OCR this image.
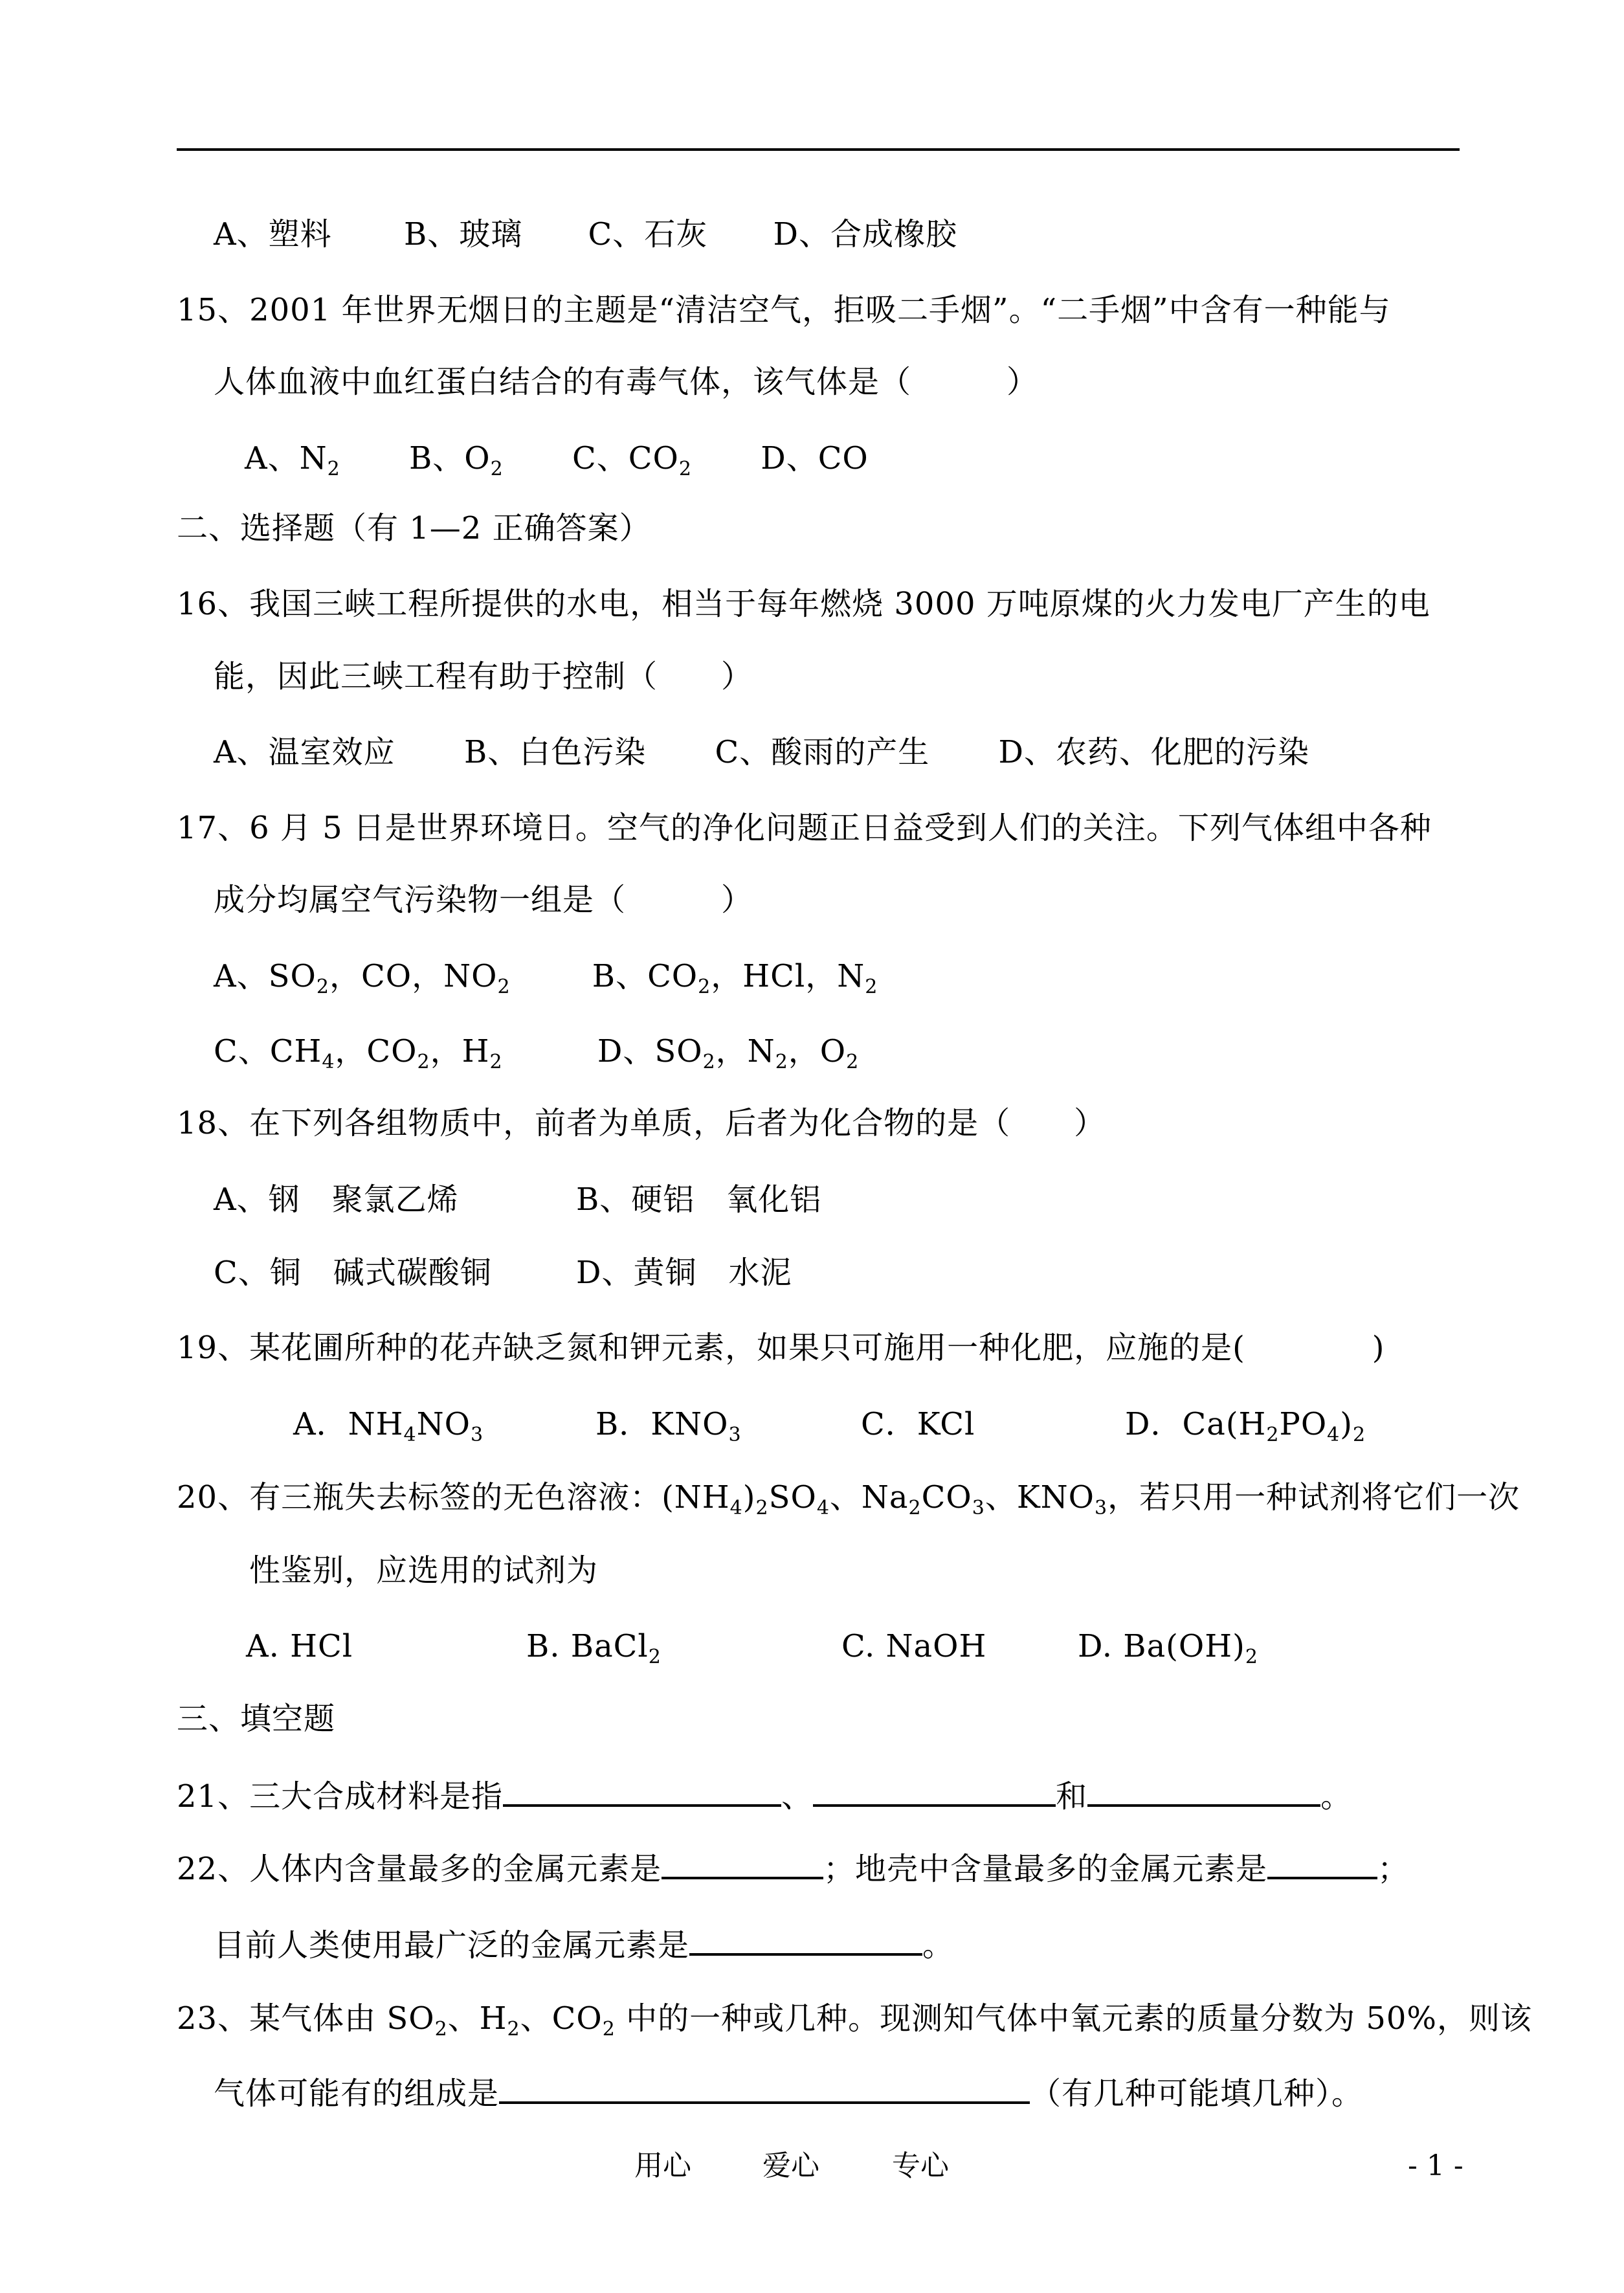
A、塑料 B、玻璃 C、石灰 D、合成橡胶
15、2001 年世界无烟日的主题是“清洁空气，拒吸二手烟”。“二手烟”中含有一种能与
人体血液中血红蛋白结合的有毒气体，该气体是（　　　）
A、$N_2$ B、$O_2$ C、$CO_2$ D、CO
二、选择题（有 1—2 正确答案）
16、我国三峡工程所提供的水电，相当于每年燃烧 3000 万吨原煤的火力发电厂产生的电
能，因此三峡工程有助于控制（　　）
A、温室效应 B、白色污染 C、酸雨的产生 D、农药、化肥的污染
17、6 月 5 日是世界环境日。空气的净化问题正日益受到人们的关注。下列气体组中各种
成分均属空气污染物一组是（　　　）
A、$SO_2$，CO，$NO_2$	B、$CO_2$，HCl，$N_2$
C、$CH_4$，$CO_2$，$H_2$	D、$SO_2$，$N_2$，$O_2$
18、在下列各组物质中，前者为单质，后者为化合物的是（　　）
A、钢　聚氯乙烯	B、硬铝　氧化铝
C、铜　碱式碳酸铜	D、黄铜　水泥
19、某花圃所种的花卉缺乏氮和钾元素，如果只可施用一种化肥，应施的是(　　　　)
A．$NH_4NO_3$	B．$KNO_3$	C．KCl	D．$Ca(H_2PO_4)_2$
20、有三瓶失去标签的无色溶液：$(NH_4)_2SO_4$、$Na_2CO_3$、$KNO_3$，若只用一种试剂将它们一次
性鉴别，应选用的试剂为
A. HCl	B. BaCl$_2$	C. NaOH	D. $Ba(OH)_2$
三、填空题
21、三大合成材料是指	、	和	。
22、人体内含量最多的金属元素是	；地壳中含量最多的金属元素是	；
目前人类使用最广泛的金属元素是	。
23、某气体由 $SO_2$、$H_2$、$CO_2$ 中的一种或几种。现测知气体中氧元素的质量分数为 50%，则该
气体可能有的组成是	（有几种可能填几种）。
用心	爱心	专心	- 1 -
